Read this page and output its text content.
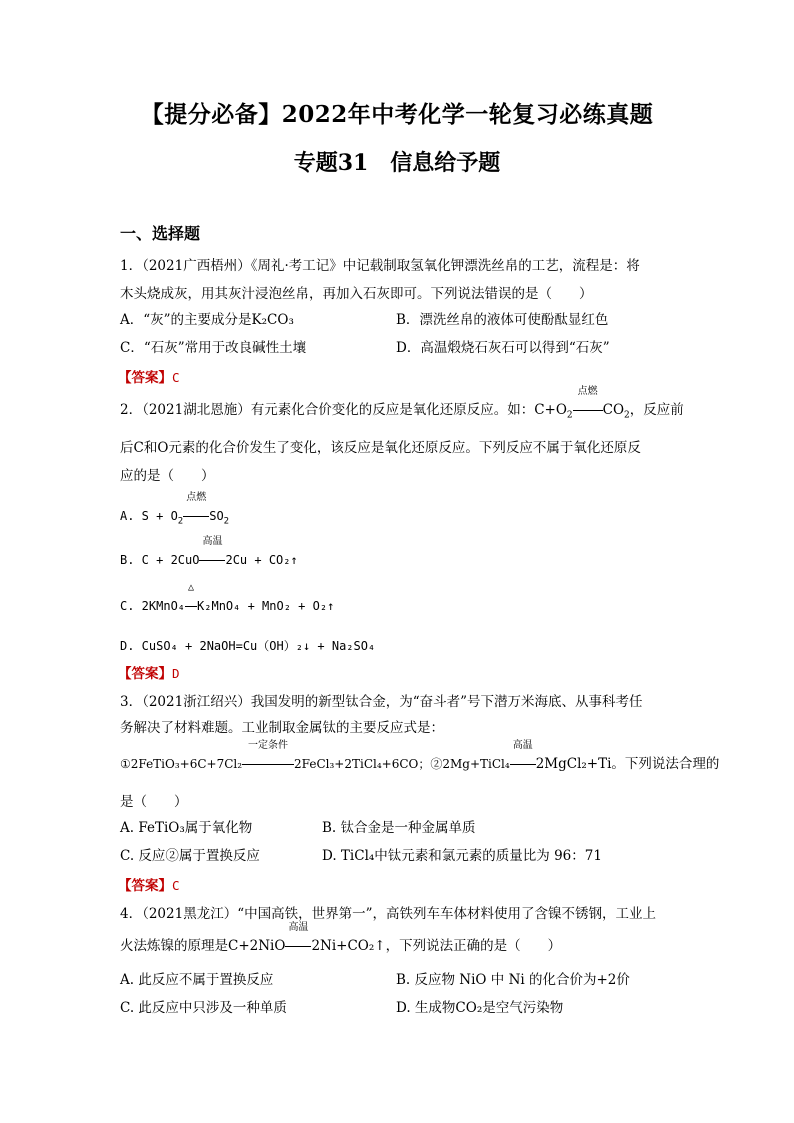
【提分必备】2022年中考化学一轮复习必练真题
专题31　信息给予题
一、选择题
1．（2021广西梧州）《周礼·考工记》中记载制取氢氧化钾漂洗丝帛的工艺，流程是：将
木头烧成灰，用其灰汁浸泡丝帛，再加入石灰即可。下列说法错误的是（　　）
A．“灰”的主要成分是K₂CO₃	B．漂洗丝帛的液体可使酚酞显红色
C．“石灰”常用于改良碱性土壤	D．高温煅烧石灰石可以得到“石灰”
【答案】C
2．（2021湖北恩施）有元素化合价变化的反应是氧化还原反应。如：$C+O_2$
点燃
$CO_2$，反应前
后C和O元素的化合价发生了变化，该反应是氧化还原反应。下列反应不属于氧化还原反
应的是（　　）
A. $S + O_2$
点燃
$SO_2$
B. C + 2CuO
高温
2Cu + CO₂↑
C. 2KMnO₄
△
K₂MnO₄ + MnO₂ + O₂↑
D. CuSO₄ + 2NaOH=Cu（OH）₂↓ + Na₂SO₄
【答案】D
3．（2021浙江绍兴）我国发明的新型钛合金，为“奋斗者”号下潜万米海底、从事科考任
务解决了材料难题。工业制取金属钛的主要反应式是：
①2FeTiO₃+6C+7Cl₂
一定条件
2FeCl₃+2TiCl₄+6CO；②2Mg+TiCl₄
高温
2MgCl₂+Ti。下列说法合理的
是（　　）
A. FeTiO₃属于氧化物	B. 钛合金是一种金属单质
C. 反应②属于置换反应	D. TiCl₄中钛元素和氯元素的质量比为 96：71
【答案】C
4．（2021黑龙江）“中国高铁，世界第一”，高铁列车车体材料使用了含镍不锈钢，工业上
火法炼镍的原理是C+2NiO
高温
2Ni+CO₂↑，下列说法正确的是（　　）
A. 此反应不属于置换反应	B. 反应物 NiO 中 Ni 的化合价为+2价
C. 此反应中只涉及一种单质	D. 生成物CO₂是空气污染物
